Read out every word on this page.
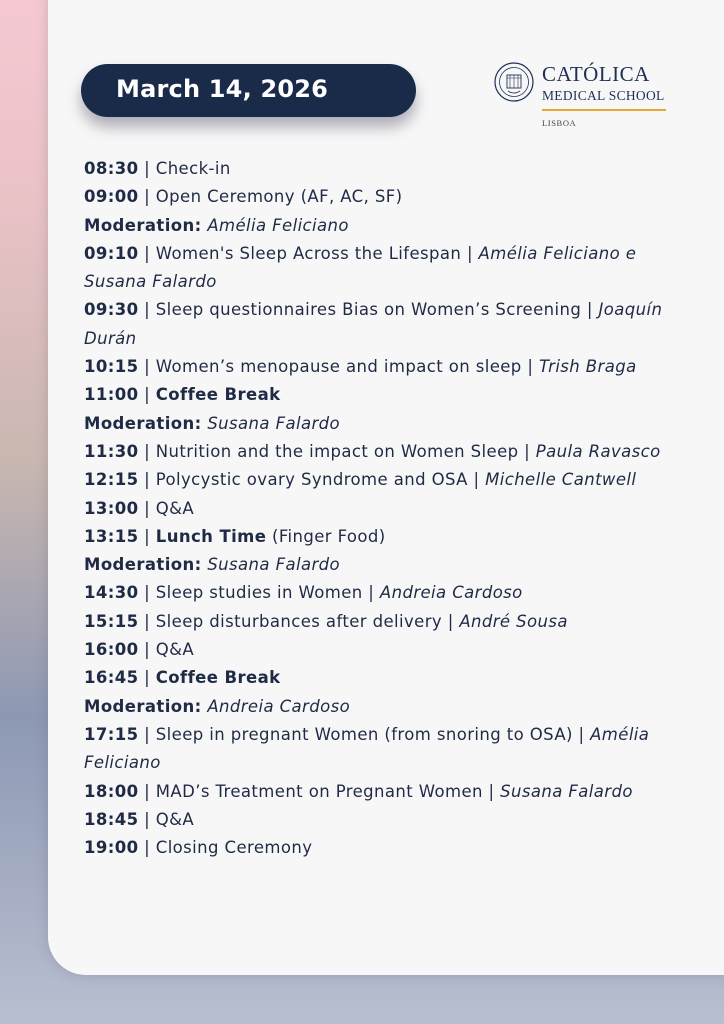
March 14, 2026
CATÓLICA
MEDICAL SCHOOL
LISBOA

08:30 | Check-in

09:00 | Open Ceremony (AF, AC, SF)

Moderation: Amélia Feliciano

09:10 | Women's Sleep Across the Lifespan | Amélia Feliciano e Susana Falardo

09:30 | Sleep questionnaires Bias on Women’s Screening | Joaquín Durán

10:15 | Women’s menopause and impact on sleep | Trish Braga

11:00 | Coffee Break

Moderation: Susana Falardo

11:30 | Nutrition and the impact on Women Sleep | Paula Ravasco

12:15 | Polycystic ovary Syndrome and OSA | Michelle Cantwell

13:00 | Q&A

13:15 | Lunch Time (Finger Food)

Moderation: Susana Falardo

14:30 | Sleep studies in Women | Andreia Cardoso

15:15 | Sleep disturbances after delivery | André Sousa

16:00 | Q&A

16:45 | Coffee Break

Moderation: Andreia Cardoso

17:15 | Sleep in pregnant Women (from snoring to OSA) | Amélia Feliciano

18:00 | MAD’s Treatment on Pregnant Women | Susana Falardo

18:45 | Q&A

19:00 | Closing Ceremony
